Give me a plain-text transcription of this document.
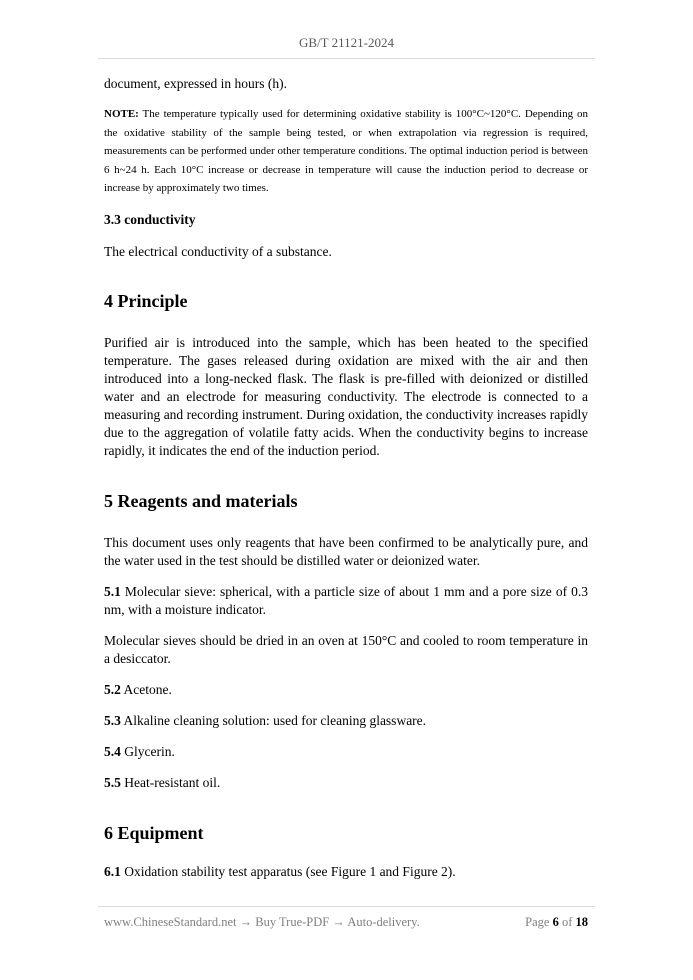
GB/T 21121-2024

document, expressed in hours (h).

NOTE: The temperature typically used for determining oxidative stability is 100°C~120°C. Depending on the oxidative stability of the sample being tested, or when extrapolation via regression is required, measurements can be performed under other temperature conditions. The optimal induction period is between 6 h~24 h. Each 10°C increase or decrease in temperature will cause the induction period to decrease or increase by approximately two times.

3.3 conductivity

The electrical conductivity of a substance.

4 Principle

Purified air is introduced into the sample, which has been heated to the specified temperature. The gases released during oxidation are mixed with the air and then introduced into a long-necked flask. The flask is pre-filled with deionized or distilled water and an electrode for measuring conductivity. The electrode is connected to a measuring and recording instrument. During oxidation, the conductivity increases rapidly due to the aggregation of volatile fatty acids. When the conductivity begins to increase rapidly, it indicates the end of the induction period.

5 Reagents and materials

This document uses only reagents that have been confirmed to be analytically pure, and the water used in the test should be distilled water or deionized water.

5.1 Molecular sieve: spherical, with a particle size of about 1 mm and a pore size of 0.3 nm, with a moisture indicator.

Molecular sieves should be dried in an oven at 150°C and cooled to room temperature in a desiccator.

5.2 Acetone.

5.3 Alkaline cleaning solution: used for cleaning glassware.

5.4 Glycerin.

5.5 Heat-resistant oil.

6 Equipment

6.1 Oxidation stability test apparatus (see Figure 1 and Figure 2).

www.ChineseStandard.net → Buy True-PDF → Auto-delivery.	Page 6 of 18
